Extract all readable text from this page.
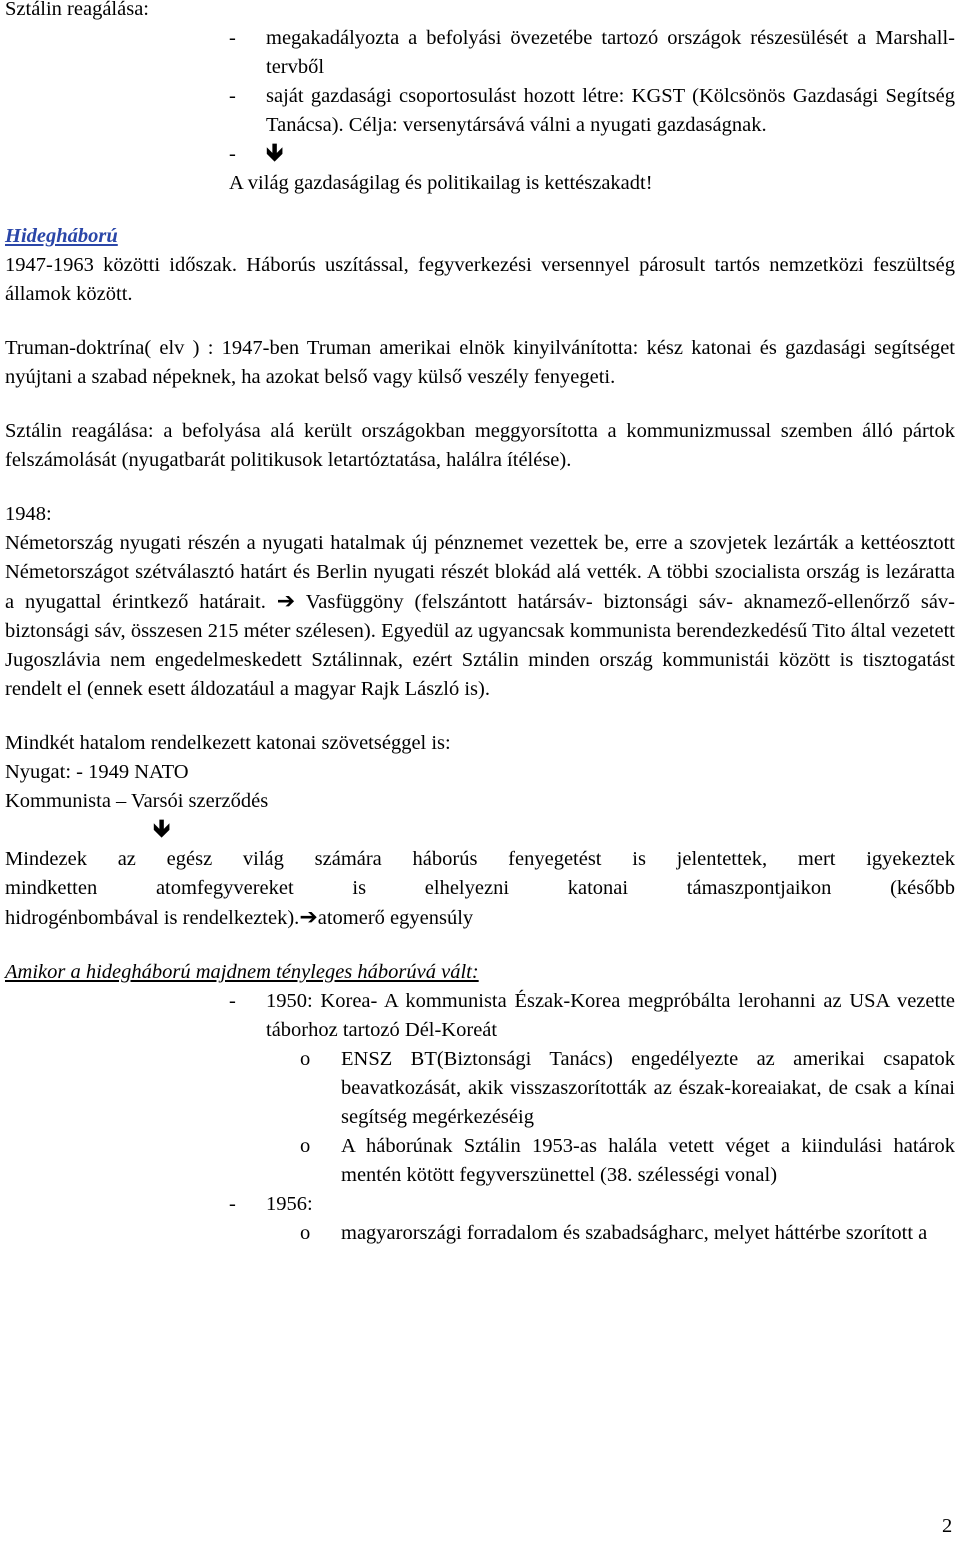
Sztálin reagálása:

-	megakadályozta a befolyási övezetébe tartozó országok részesülését a Marshall-tervből
-	saját gazdasági csoportosulást hozott létre: KGST (Kölcsönös Gazdasági Segítség Tanácsa). Célja: versenytársává válni a nyugati gazdaságnak.
-	🡻

A világ gazdaságilag és politikailag is kettészakadt!

Hidegháború

1947-1963 közötti időszak. Háborús uszítással, fegyverkezési versennyel párosult tartós nemzetközi feszültség államok között.

Truman-doktrína( elv ) : 1947-ben Truman amerikai elnök kinyilvánította: kész katonai és gazdasági segítséget nyújtani a szabad népeknek, ha azokat belső vagy külső veszély fenyegeti.

Sztálin reagálása: a befolyása alá került országokban meggyorsította a kommunizmussal szemben álló pártok felszámolását (nyugatbarát politikusok letartóztatása, halálra ítélése).

1948:

Németország nyugati részén a nyugati hatalmak új pénznemet vezettek be, erre a szovjetek lezárták a kettéosztott Németországot szétválasztó határt és Berlin nyugati részét blokád alá vették. A többi szocialista ország is lezáratta a nyugattal érintkező határait. ➔ Vasfüggöny (felszántott határsáv- biztonsági sáv- aknamező-ellenőrző sáv- biztonsági sáv, összesen 215 méter szélesen). Egyedül az ugyancsak kommunista berendezkedésű Tito által vezetett Jugoszlávia nem engedelmeskedett Sztálinnak, ezért Sztálin minden ország kommunistái között is tisztogatást rendelt el (ennek esett áldozatául a magyar Rajk László is).

Mindkét hatalom rendelkezett katonai szövetséggel is:

Nyugat: - 1949 NATO

Kommunista – Varsói szerződés

🡻

Mindezek az egész világ számára háborús fenyegetést is jelentettek, mert igyekeztek

mindketten atomfegyvereket is elhelyezni katonai támaszpontjaikon (később

hidrogénbombával is rendelkeztek).➔atomerő egyensúly

Amikor a hidegháború majdnem tényleges háborúvá vált:

-	1950: Korea- A kommunista Észak-Korea megpróbálta lerohanni az USA vezette táborhoz tartozó Dél-Koreát
o	ENSZ BT(Biztonsági Tanács) engedélyezte az amerikai csapatok beavatkozását, akik visszaszorították az észak-koreaiakat, de csak a kínai segítség megérkezéséig
o	A háborúnak Sztálin 1953-as halála vetett véget a kiindulási határok mentén kötött fegyverszünettel (38. szélességi vonal)
-	1956:
o	magyarországi forradalom és szabadságharc, melyet háttérbe szorított a
2
